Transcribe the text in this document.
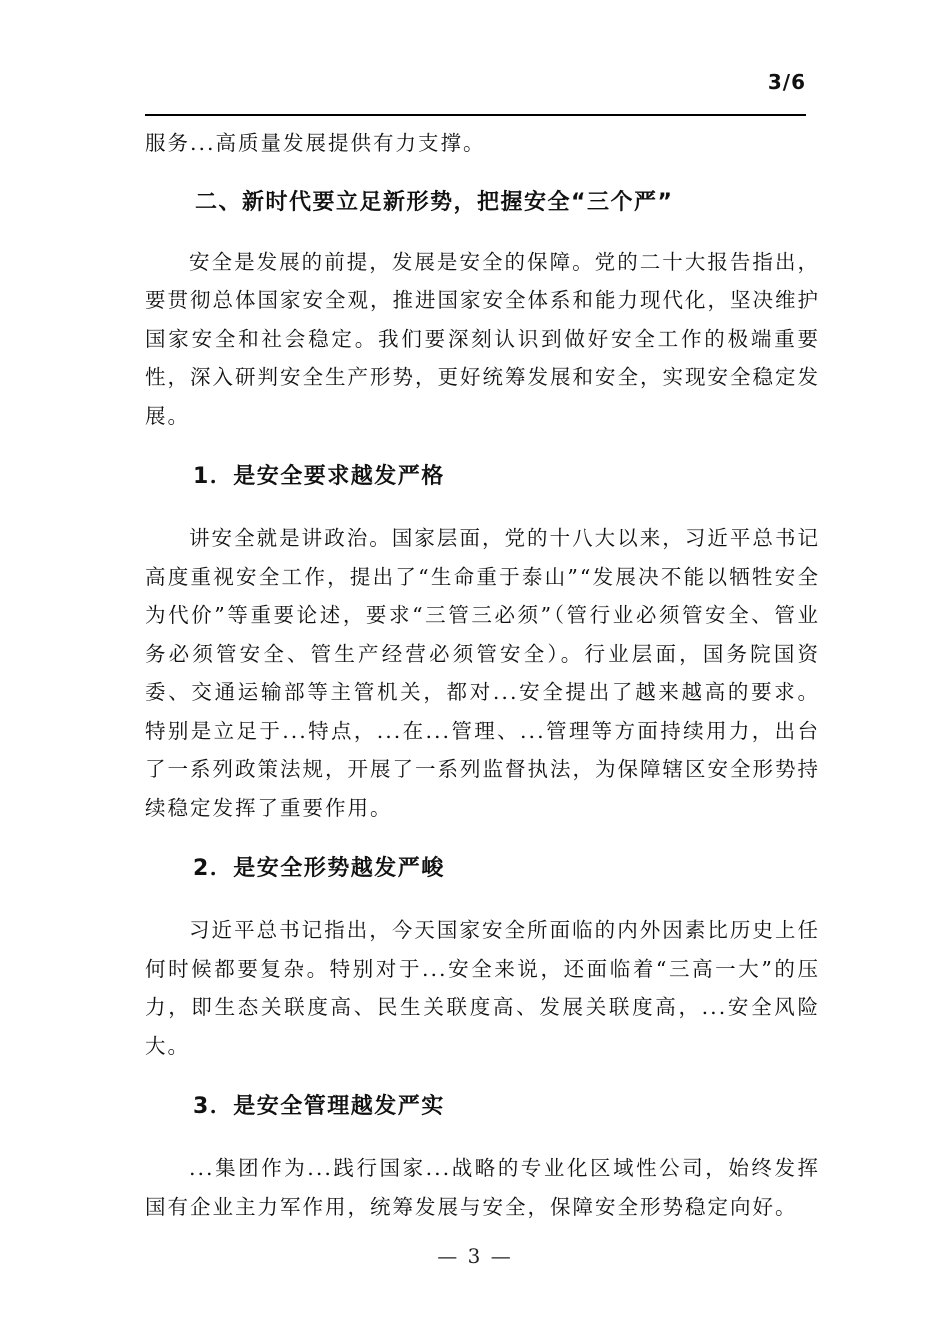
3/6

服务...高质量发展提供有力支撑。

二、新时代要立足新形势，把握安全“三个严”

安全是发展的前提，发展是安全的保障。党的二十大报告指出，要贯彻总体国家安全观，推进国家安全体系和能力现代化，坚决维护国家安全和社会稳定。我们要深刻认识到做好安全工作的极端重要性，深入研判安全生产形势，更好统筹发展和安全，实现安全稳定发展。

1．是安全要求越发严格

讲安全就是讲政治。国家层面，党的十八大以来，习近平总书记高度重视安全工作，提出了“生命重于泰山”“发展决不能以牺牲安全为代价”等重要论述，要求“三管三必须”（管行业必须管安全、管业务必须管安全、管生产经营必须管安全）。行业层面，国务院国资委、交通运输部等主管机关，都对...安全提出了越来越高的要求。特别是立足于...特点，...在...管理、...管理等方面持续用力，出台了一系列政策法规，开展了一系列监督执法，为保障辖区安全形势持续稳定发挥了重要作用。

2．是安全形势越发严峻

习近平总书记指出，今天国家安全所面临的内外因素比历史上任何时候都要复杂。特别对于...安全来说，还面临着“三高一大”的压力，即生态关联度高、民生关联度高、发展关联度高，...安全风险大。

3．是安全管理越发严实

...集团作为...践行国家...战略的专业化区域性公司，始终发挥国有企业主力军作用，统筹发展与安全，保障安全形势稳定向好。

— 3 —
